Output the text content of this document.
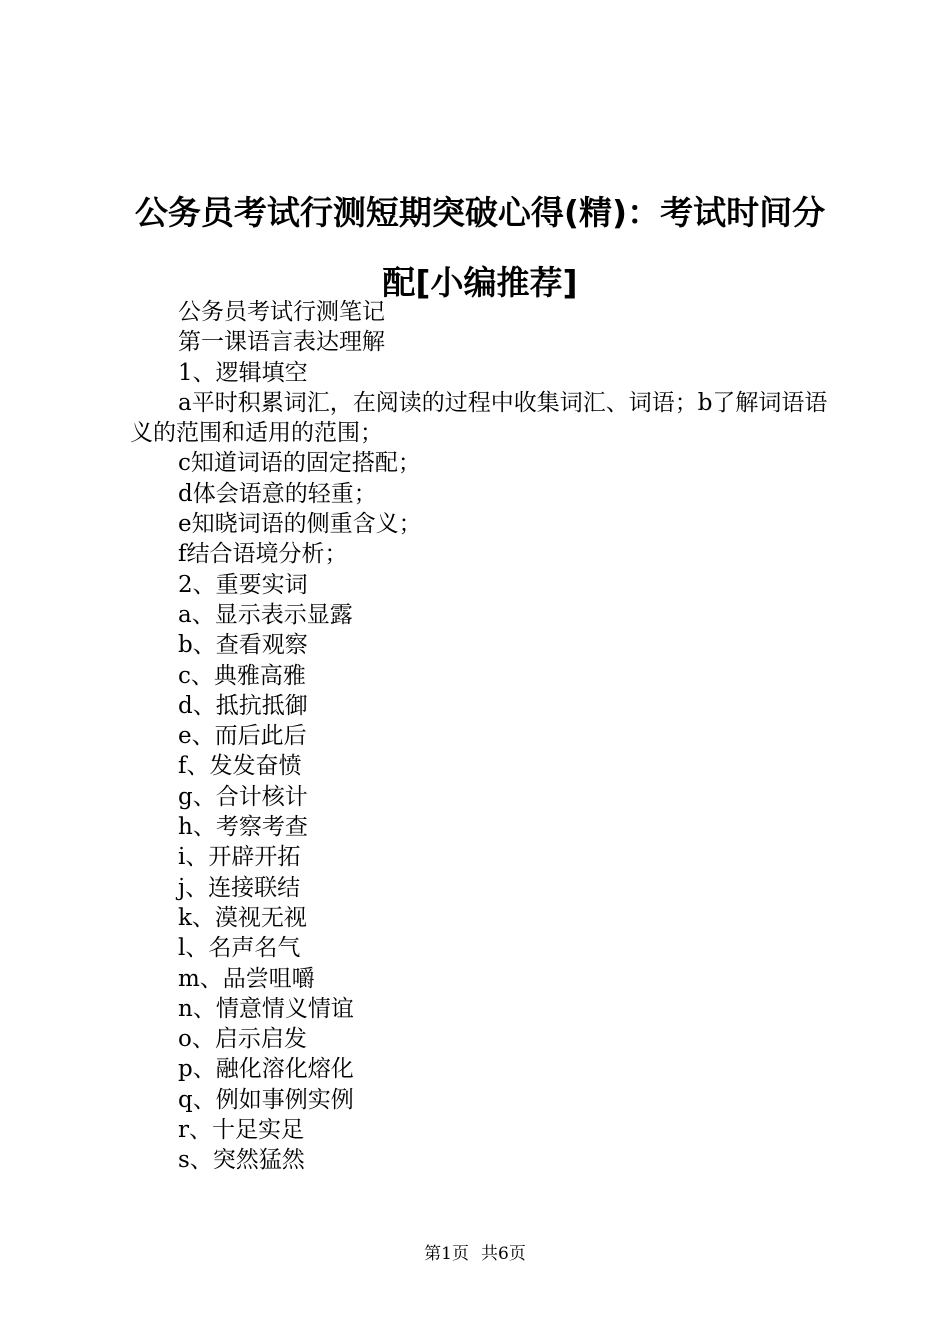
公务员考试行测短期突破心得(精)：考试时间分配[小编推荐]

公务员考试行测笔记

第一课语言表达理解

1、逻辑填空

a平时积累词汇，在阅读的过程中收集词汇、词语；b了解词语语义的范围和适用的范围；

c知道词语的固定搭配；

d体会语意的轻重；

e知晓词语的侧重含义；

f结合语境分析；

2、重要实词

a、显示表示显露

b、查看观察

c、典雅高雅

d、抵抗抵御

e、而后此后

f、发发奋愤

g、合计核计

h、考察考查

i、开辟开拓

j、连接联结

k、漠视无视

l、名声名气

m、品尝咀嚼

n、情意情义情谊

o、启示启发

p、融化溶化熔化

q、例如事例实例

r、十足实足

s、突然猛然

第1页 共6页
